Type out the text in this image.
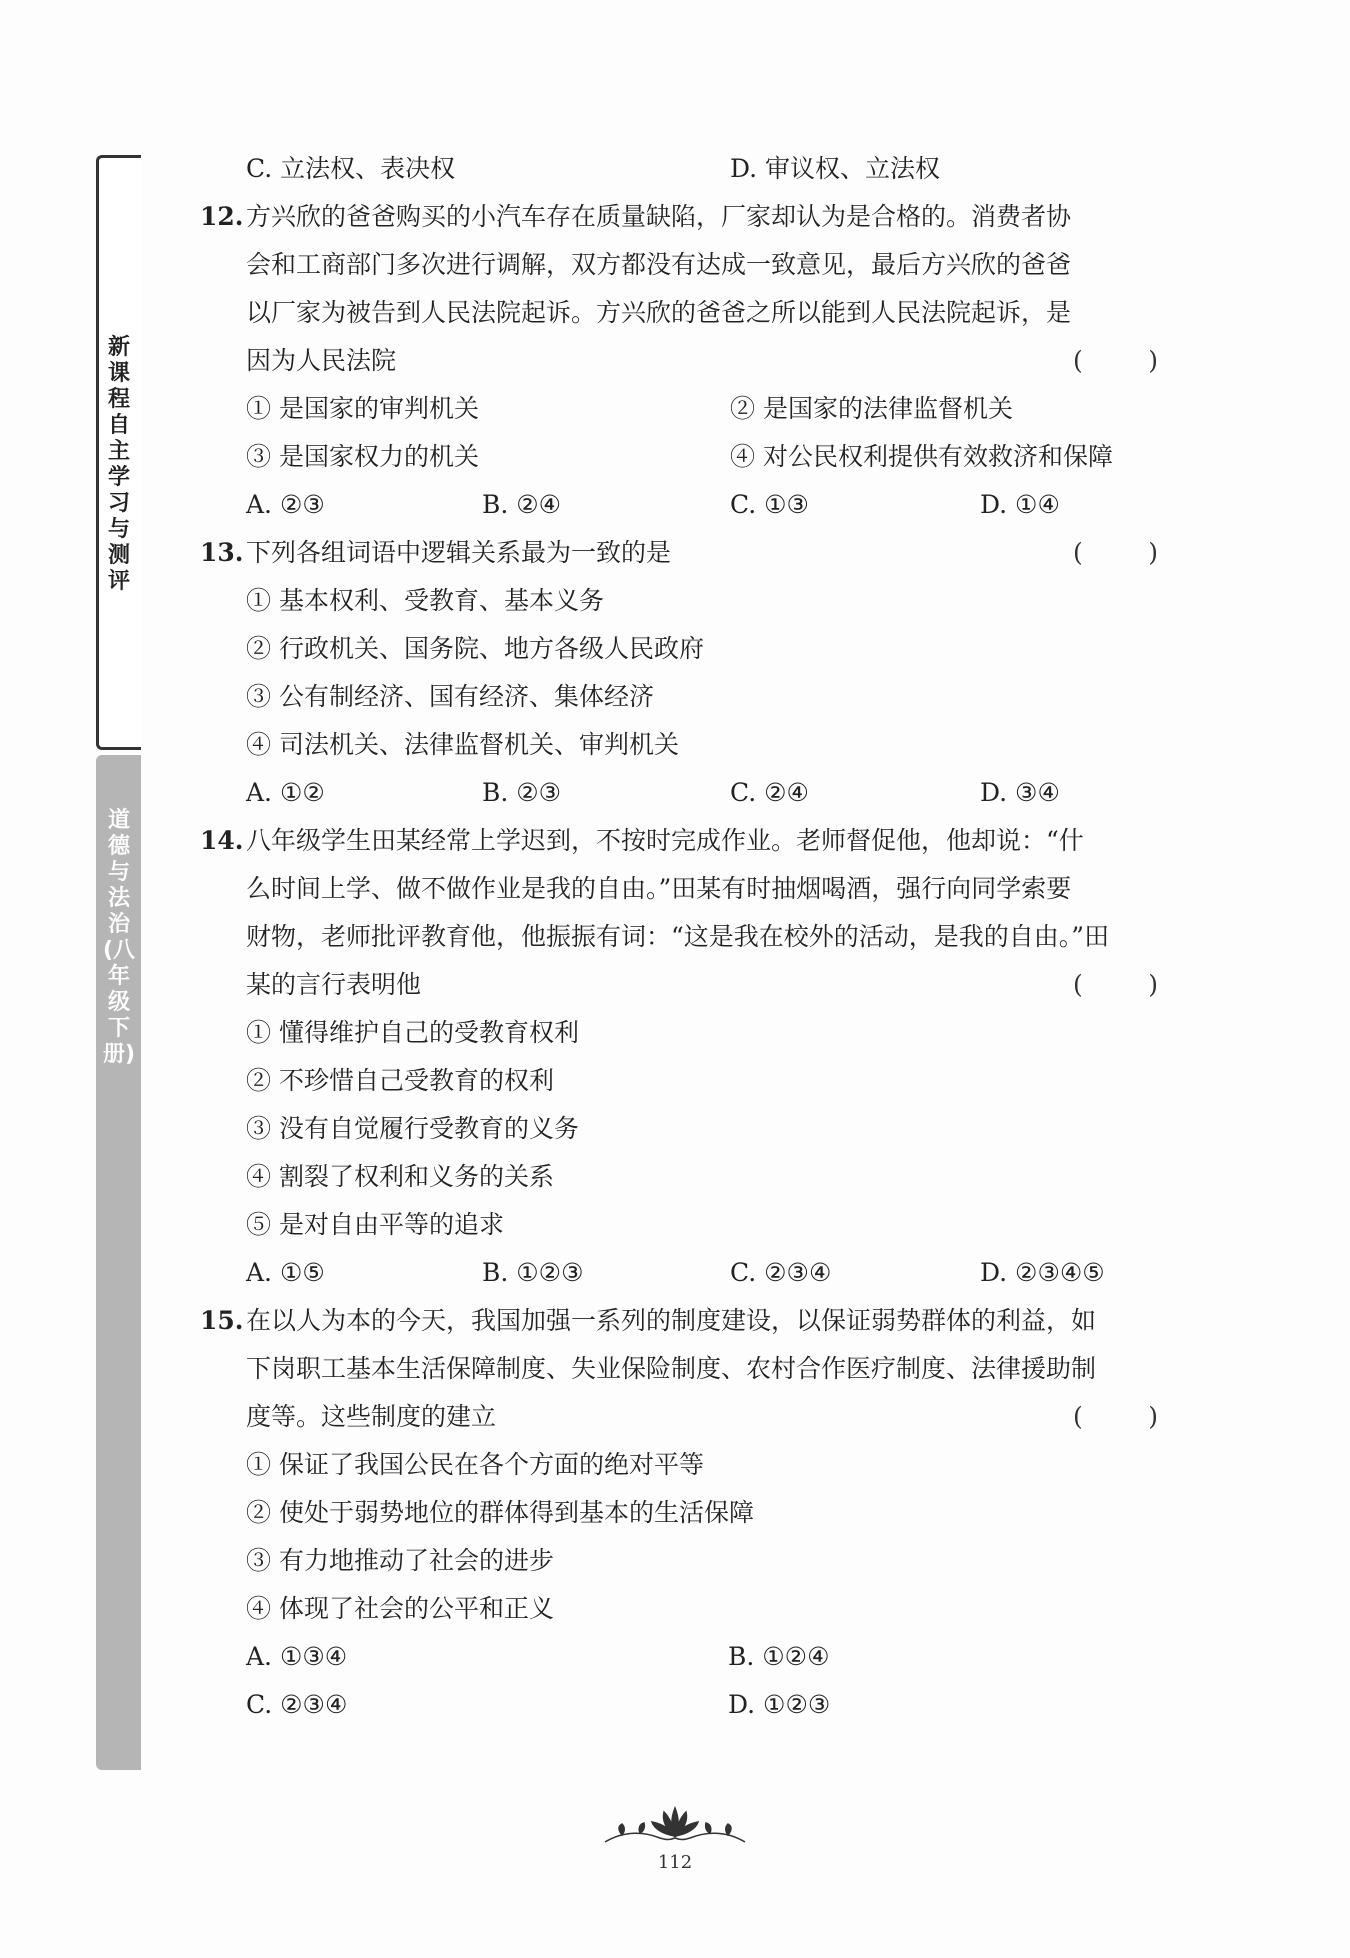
新课程自主学习与测评
道德与法治(八年级下册)
C. 立法权、表决权	D. 审议权、立法权
12. 方兴欣的爸爸购买的小汽车存在质量缺陷，厂家却认为是合格的。消费者协
会和工商部门多次进行调解，双方都没有达成一致意见，最后方兴欣的爸爸
以厂家为被告到人民法院起诉。方兴欣的爸爸之所以能到人民法院起诉，是
因为人民法院	(	)
① 是国家的审判机关	② 是国家的法律监督机关
③ 是国家权力的机关	④ 对公民权利提供有效救济和保障
A. ②③	B. ②④	C. ①③	D. ①④
13. 下列各组词语中逻辑关系最为一致的是	(	)
① 基本权利、受教育、基本义务
② 行政机关、国务院、地方各级人民政府
③ 公有制经济、国有经济、集体经济
④ 司法机关、法律监督机关、审判机关
A. ①②	B. ②③	C. ②④	D. ③④
14. 八年级学生田某经常上学迟到，不按时完成作业。老师督促他，他却说：“什
么时间上学、做不做作业是我的自由。”田某有时抽烟喝酒，强行向同学索要
财物，老师批评教育他，他振振有词：“这是我在校外的活动，是我的自由。”田
某的言行表明他	(	)
① 懂得维护自己的受教育权利
② 不珍惜自己受教育的权利
③ 没有自觉履行受教育的义务
④ 割裂了权利和义务的关系
⑤ 是对自由平等的追求
A. ①⑤	B. ①②③	C. ②③④	D. ②③④⑤
15. 在以人为本的今天，我国加强一系列的制度建设，以保证弱势群体的利益，如
下岗职工基本生活保障制度、失业保险制度、农村合作医疗制度、法律援助制
度等。这些制度的建立	(	)
① 保证了我国公民在各个方面的绝对平等
② 使处于弱势地位的群体得到基本的生活保障
③ 有力地推动了社会的进步
④ 体现了社会的公平和正义
A. ①③④	B. ①②④
C. ②③④	D. ①②③
112
